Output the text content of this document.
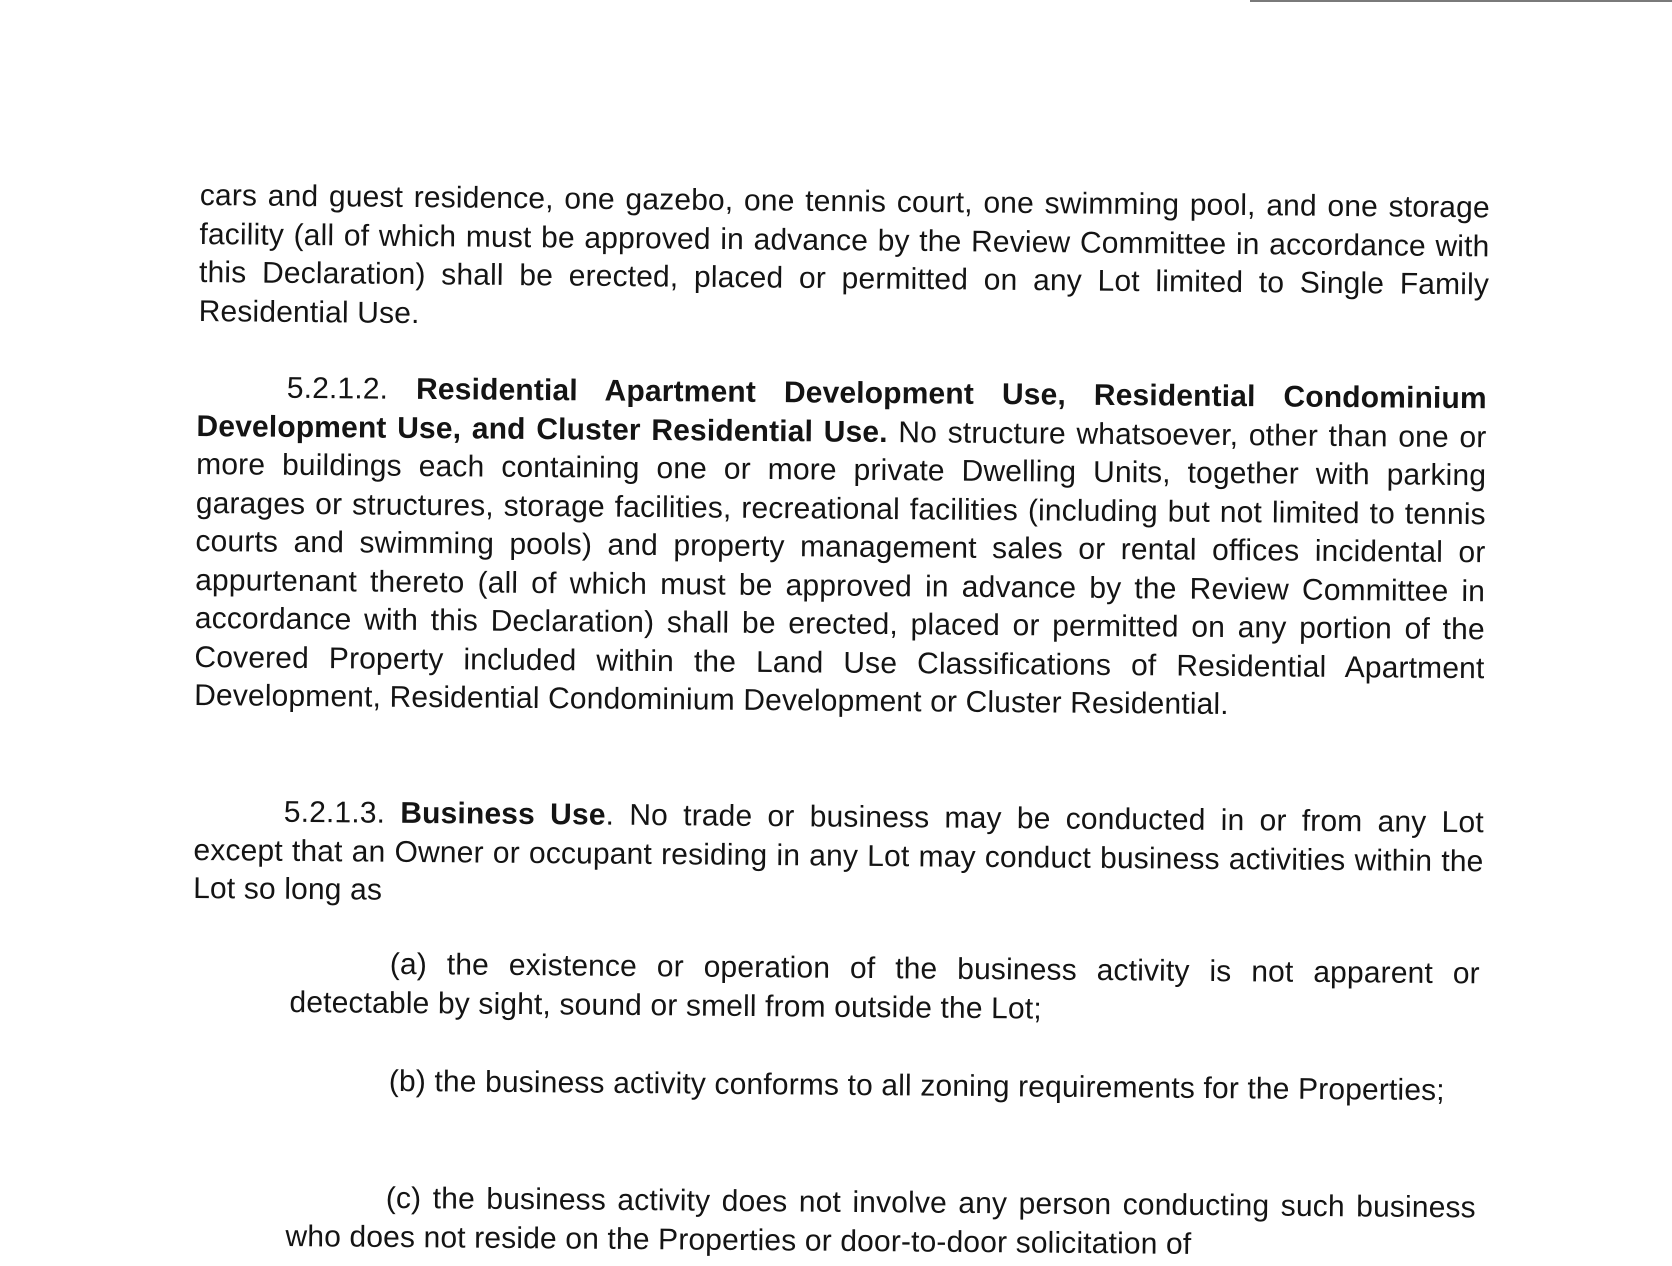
cars and guest residence, one gazebo, one tennis court, one swimming pool, and one storage facility (all of which must be approved in advance by the Review Committee in accordance with this Declaration) shall be erected, placed or permitted on any Lot limited to Single Family Residential Use.

5.2.1.2. Residential Apartment Development Use, Residential Condominium Development Use, and Cluster Residential Use. No structure whatsoever, other than one or more buildings each containing one or more private Dwelling Units, together with parking garages or structures, storage facilities, recreational facilities (including but not limited to tennis courts and swimming pools) and property management sales or rental offices incidental or appurtenant thereto (all of which must be approved in advance by the Review Committee in accordance with this Declaration) shall be erected, placed or permitted on any portion of the Covered Property included within the Land Use Classifications of Residential Apartment Development, Residential Condominium Development or Cluster Residential.

5.2.1.3. Business Use. No trade or business may be conducted in or from any Lot except that an Owner or occupant residing in any Lot may conduct business activities within the Lot so long as

(a) the existence or operation of the business activity is not apparent or detectable by sight, sound or smell from outside the Lot;

(b) the business activity conforms to all zoning requirements for the Properties;

(c) the business activity does not involve any person conducting such business who does not reside on the Properties or door-to-door solicitation of
